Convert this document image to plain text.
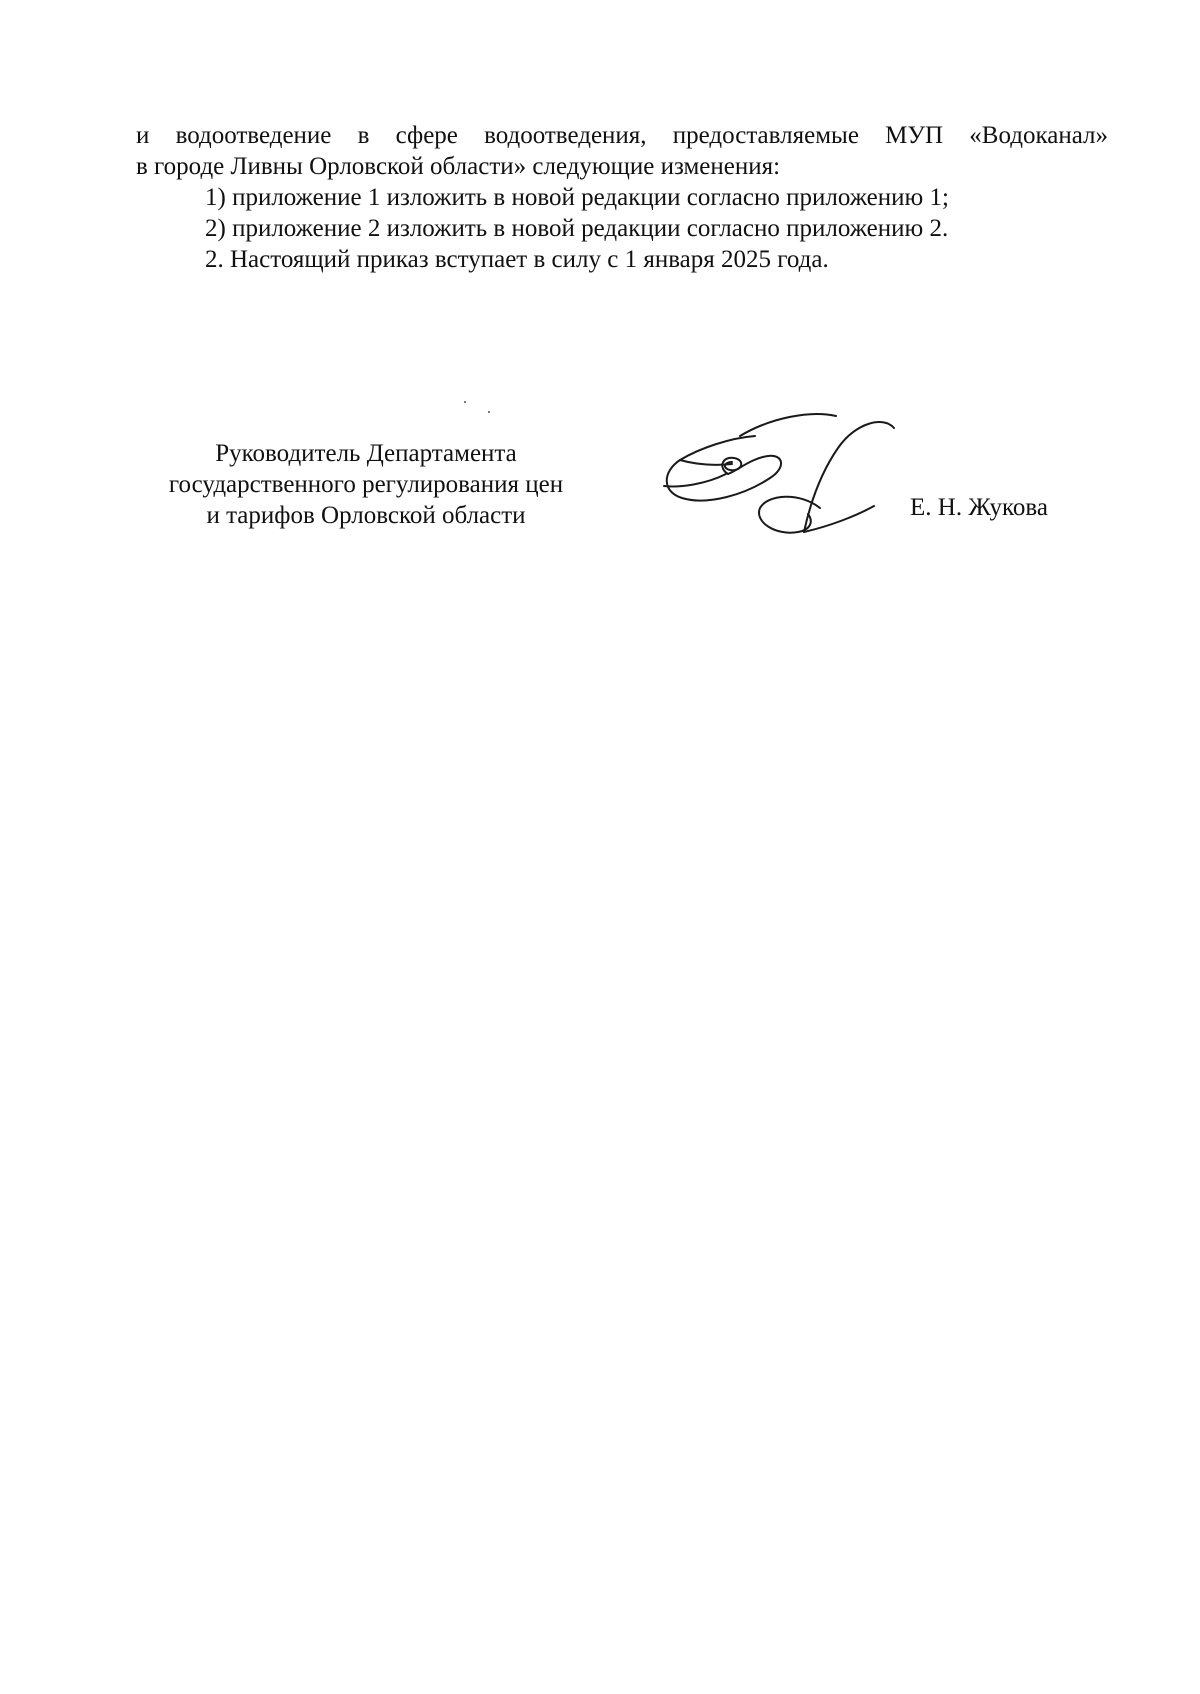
и водоотведение в сфере водоотведения, предоставляемые МУП «Водоканал»

в городе Ливны Орловской области» следующие изменения:

1) приложение 1 изложить в новой редакции согласно приложению 1;

2) приложение 2 изложить в новой редакции согласно приложению 2.

2. Настоящий приказ вступает в силу с 1 января 2025 года.

Руководитель Департамента
государственного регулирования цен
и тарифов Орловской области	Е. Н. Жукова
